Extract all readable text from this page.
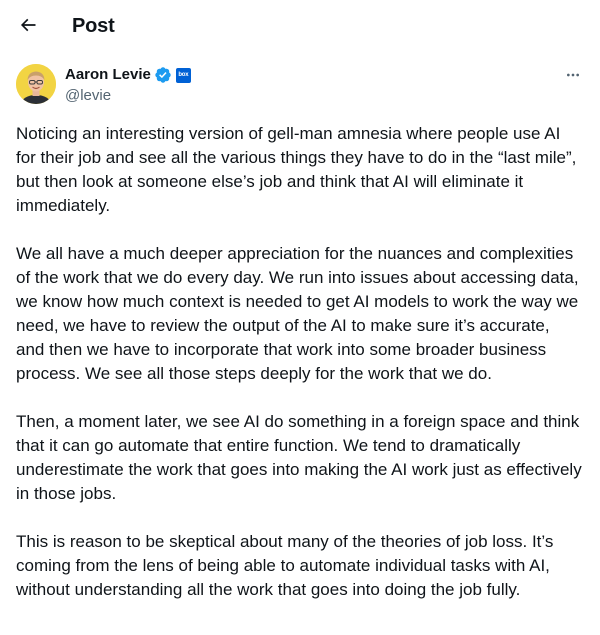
Post
Aaron Levie	box
@levie

Noticing an interesting version of gell-man amnesia where people use AI for their job and see all the various things they have to do in the “last mile”, but then look at someone else’s job and think that AI will eliminate it immediately.

We all have a much deeper appreciation for the nuances and complexities of the work that we do every day. We run into issues about accessing data, we know how much context is needed to get AI models to work the way we need, we have to review the output of the AI to make sure it’s accurate, and then we have to incorporate that work into some broader business process. We see all those steps deeply for the work that we do.

Then, a moment later, we see AI do something in a foreign space and think that it can go automate that entire function. We tend to dramatically underestimate the work that goes into making the AI work just as effectively in those jobs.

This is reason to be skeptical about many of the theories of job loss. It’s coming from the lens of being able to automate individual tasks with AI, without understanding all the work that goes into doing the job fully.
